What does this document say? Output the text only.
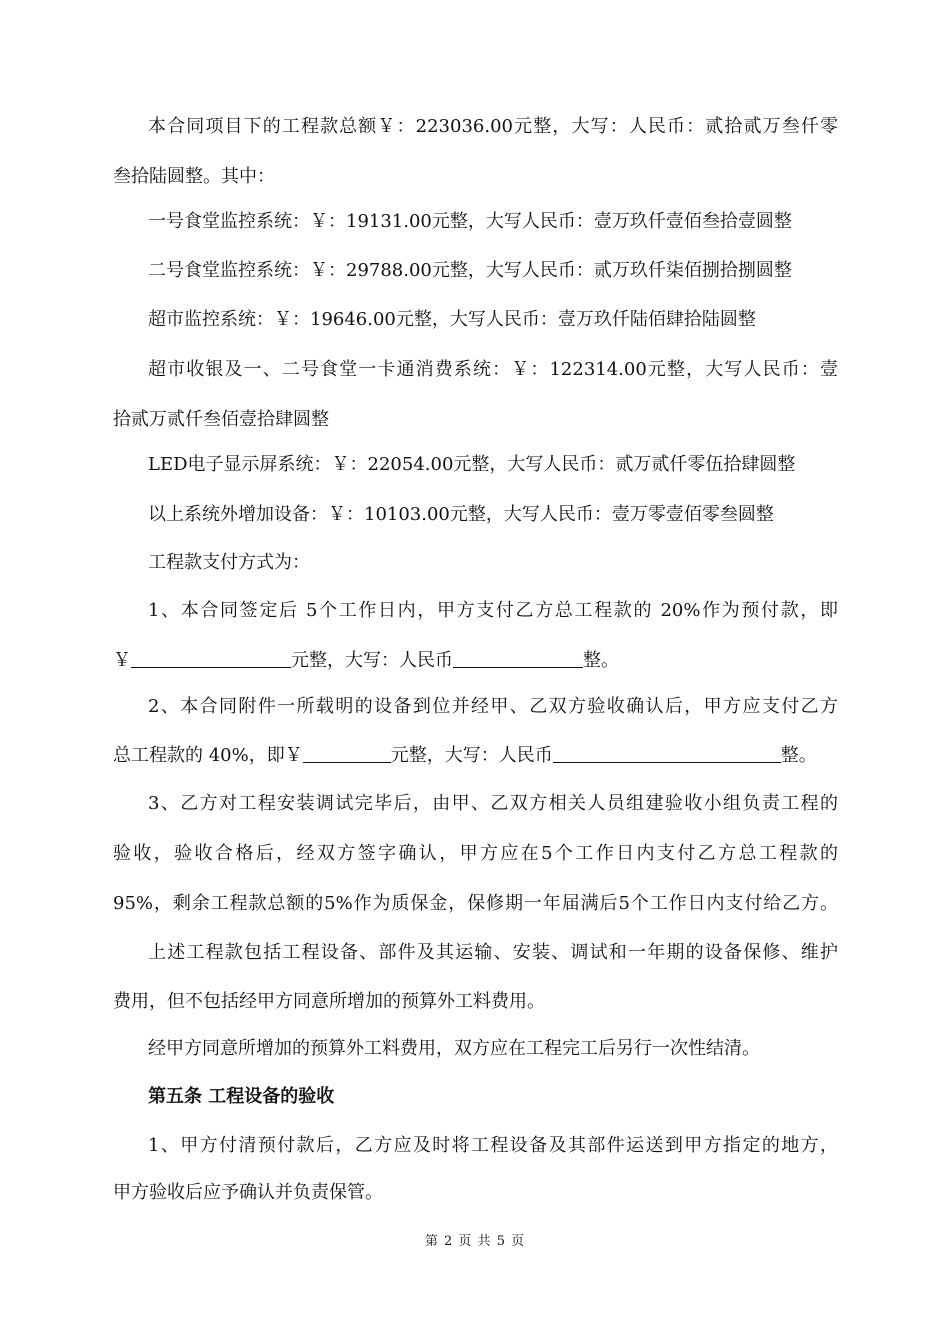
本合同项目下的工程款总额￥：223036.00元整，大写：人民币：贰拾贰万叁仟零
叁拾陆圆整。其中：
一号食堂监控系统：￥：19131.00元整，大写人民币：壹万玖仟壹佰叁拾壹圆整
二号食堂监控系统：￥：29788.00元整，大写人民币：贰万玖仟柒佰捌拾捌圆整
超市监控系统：￥：19646.00元整，大写人民币：壹万玖仟陆佰肆拾陆圆整
超市收银及一、二号食堂一卡通消费系统：￥：122314.00元整，大写人民币：壹
拾贰万贰仟叁佰壹拾肆圆整
LED电子显示屏系统：￥：22054.00元整，大写人民币：贰万贰仟零伍拾肆圆整
以上系统外增加设备：￥：10103.00元整，大写人民币：壹万零壹佰零叁圆整
工程款支付方式为：
1、本合同签定后 5个工作日内，甲方支付乙方总工程款的 20%作为预付款，即
￥	元整，大写：人民币	整。
2、本合同附件一所载明的设备到位并经甲、乙双方验收确认后，甲方应支付乙方
总工程款的 40%，即￥	元整，大写：人民币	整。
3、乙方对工程安装调试完毕后，由甲、乙双方相关人员组建验收小组负责工程的
验收，验收合格后，经双方签字确认，甲方应在5个工作日内支付乙方总工程款的
95%，剩余工程款总额的5%作为质保金，保修期一年届满后5个工作日内支付给乙方。
上述工程款包括工程设备、部件及其运输、安装、调试和一年期的设备保修、维护
费用，但不包括经甲方同意所增加的预算外工料费用。
经甲方同意所增加的预算外工料费用，双方应在工程完工后另行一次性结清。
第五条 工程设备的验收
1、甲方付清预付款后，乙方应及时将工程设备及其部件运送到甲方指定的地方，
甲方验收后应予确认并负责保管。
第 2 页 共 5 页
